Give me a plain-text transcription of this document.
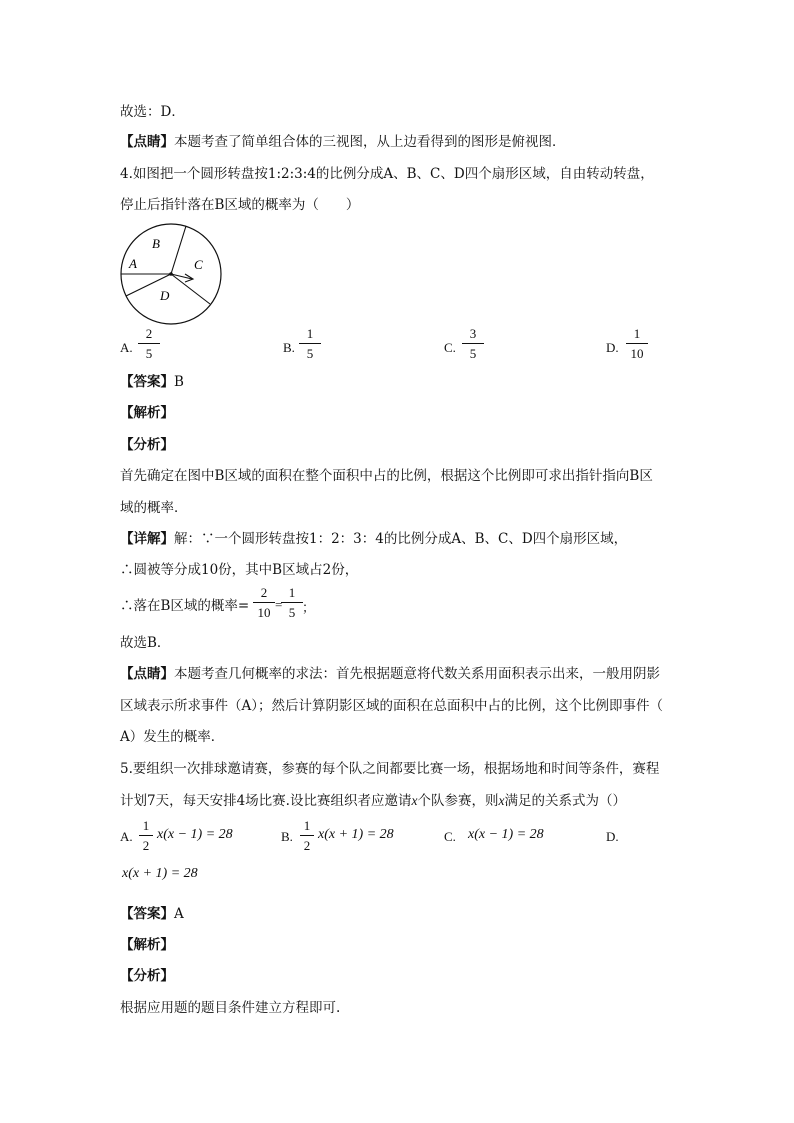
故选：D．
【点睛】本题考查了简单组合体的三视图，从上边看得到的图形是俯视图．
4.如图把一个圆形转盘按1:2:3:4的比例分成A、B、C、D四个扇形区域，自由转动转盘，
停止后指针落在B区域的概率为（　　）
A
B
C
D
A.
2
5	B.
1
5	C.
3
5	D.
1
10
【答案】B
【解析】
【分析】
首先确定在图中B区域的面积在整个面积中占的比例，根据这个比例即可求出指针指向B区
域的概率．
【详解】解：∵一个圆形转盘按1：2：3：4的比例分成A、B、C、D四个扇形区域，
∴圆被等分成10份，其中B区域占2份，
∴落在B区域的概率=
2
10
=
1
5 ；
故选B．
【点睛】本题考查几何概率的求法：首先根据题意将代数关系用面积表示出来，一般用阴影
区域表示所求事件（A）；然后计算阴影区域的面积在总面积中占的比例，这个比例即事件（
A）发生的概率．
5.要组织一次排球邀请赛，参赛的每个队之间都要比赛一场，根据场地和时间等条件，赛程
计划7天，每天安排4场比赛.设比赛组织者应邀请x个队参赛，则x满足的关系式为（）
A.
1
2
x(x − 1) = 28	B.
1
2
x(x + 1) = 28	C. x(x − 1) = 28	D.
x(x + 1) = 28
【答案】A
【解析】
【分析】
根据应用题的题目条件建立方程即可.
